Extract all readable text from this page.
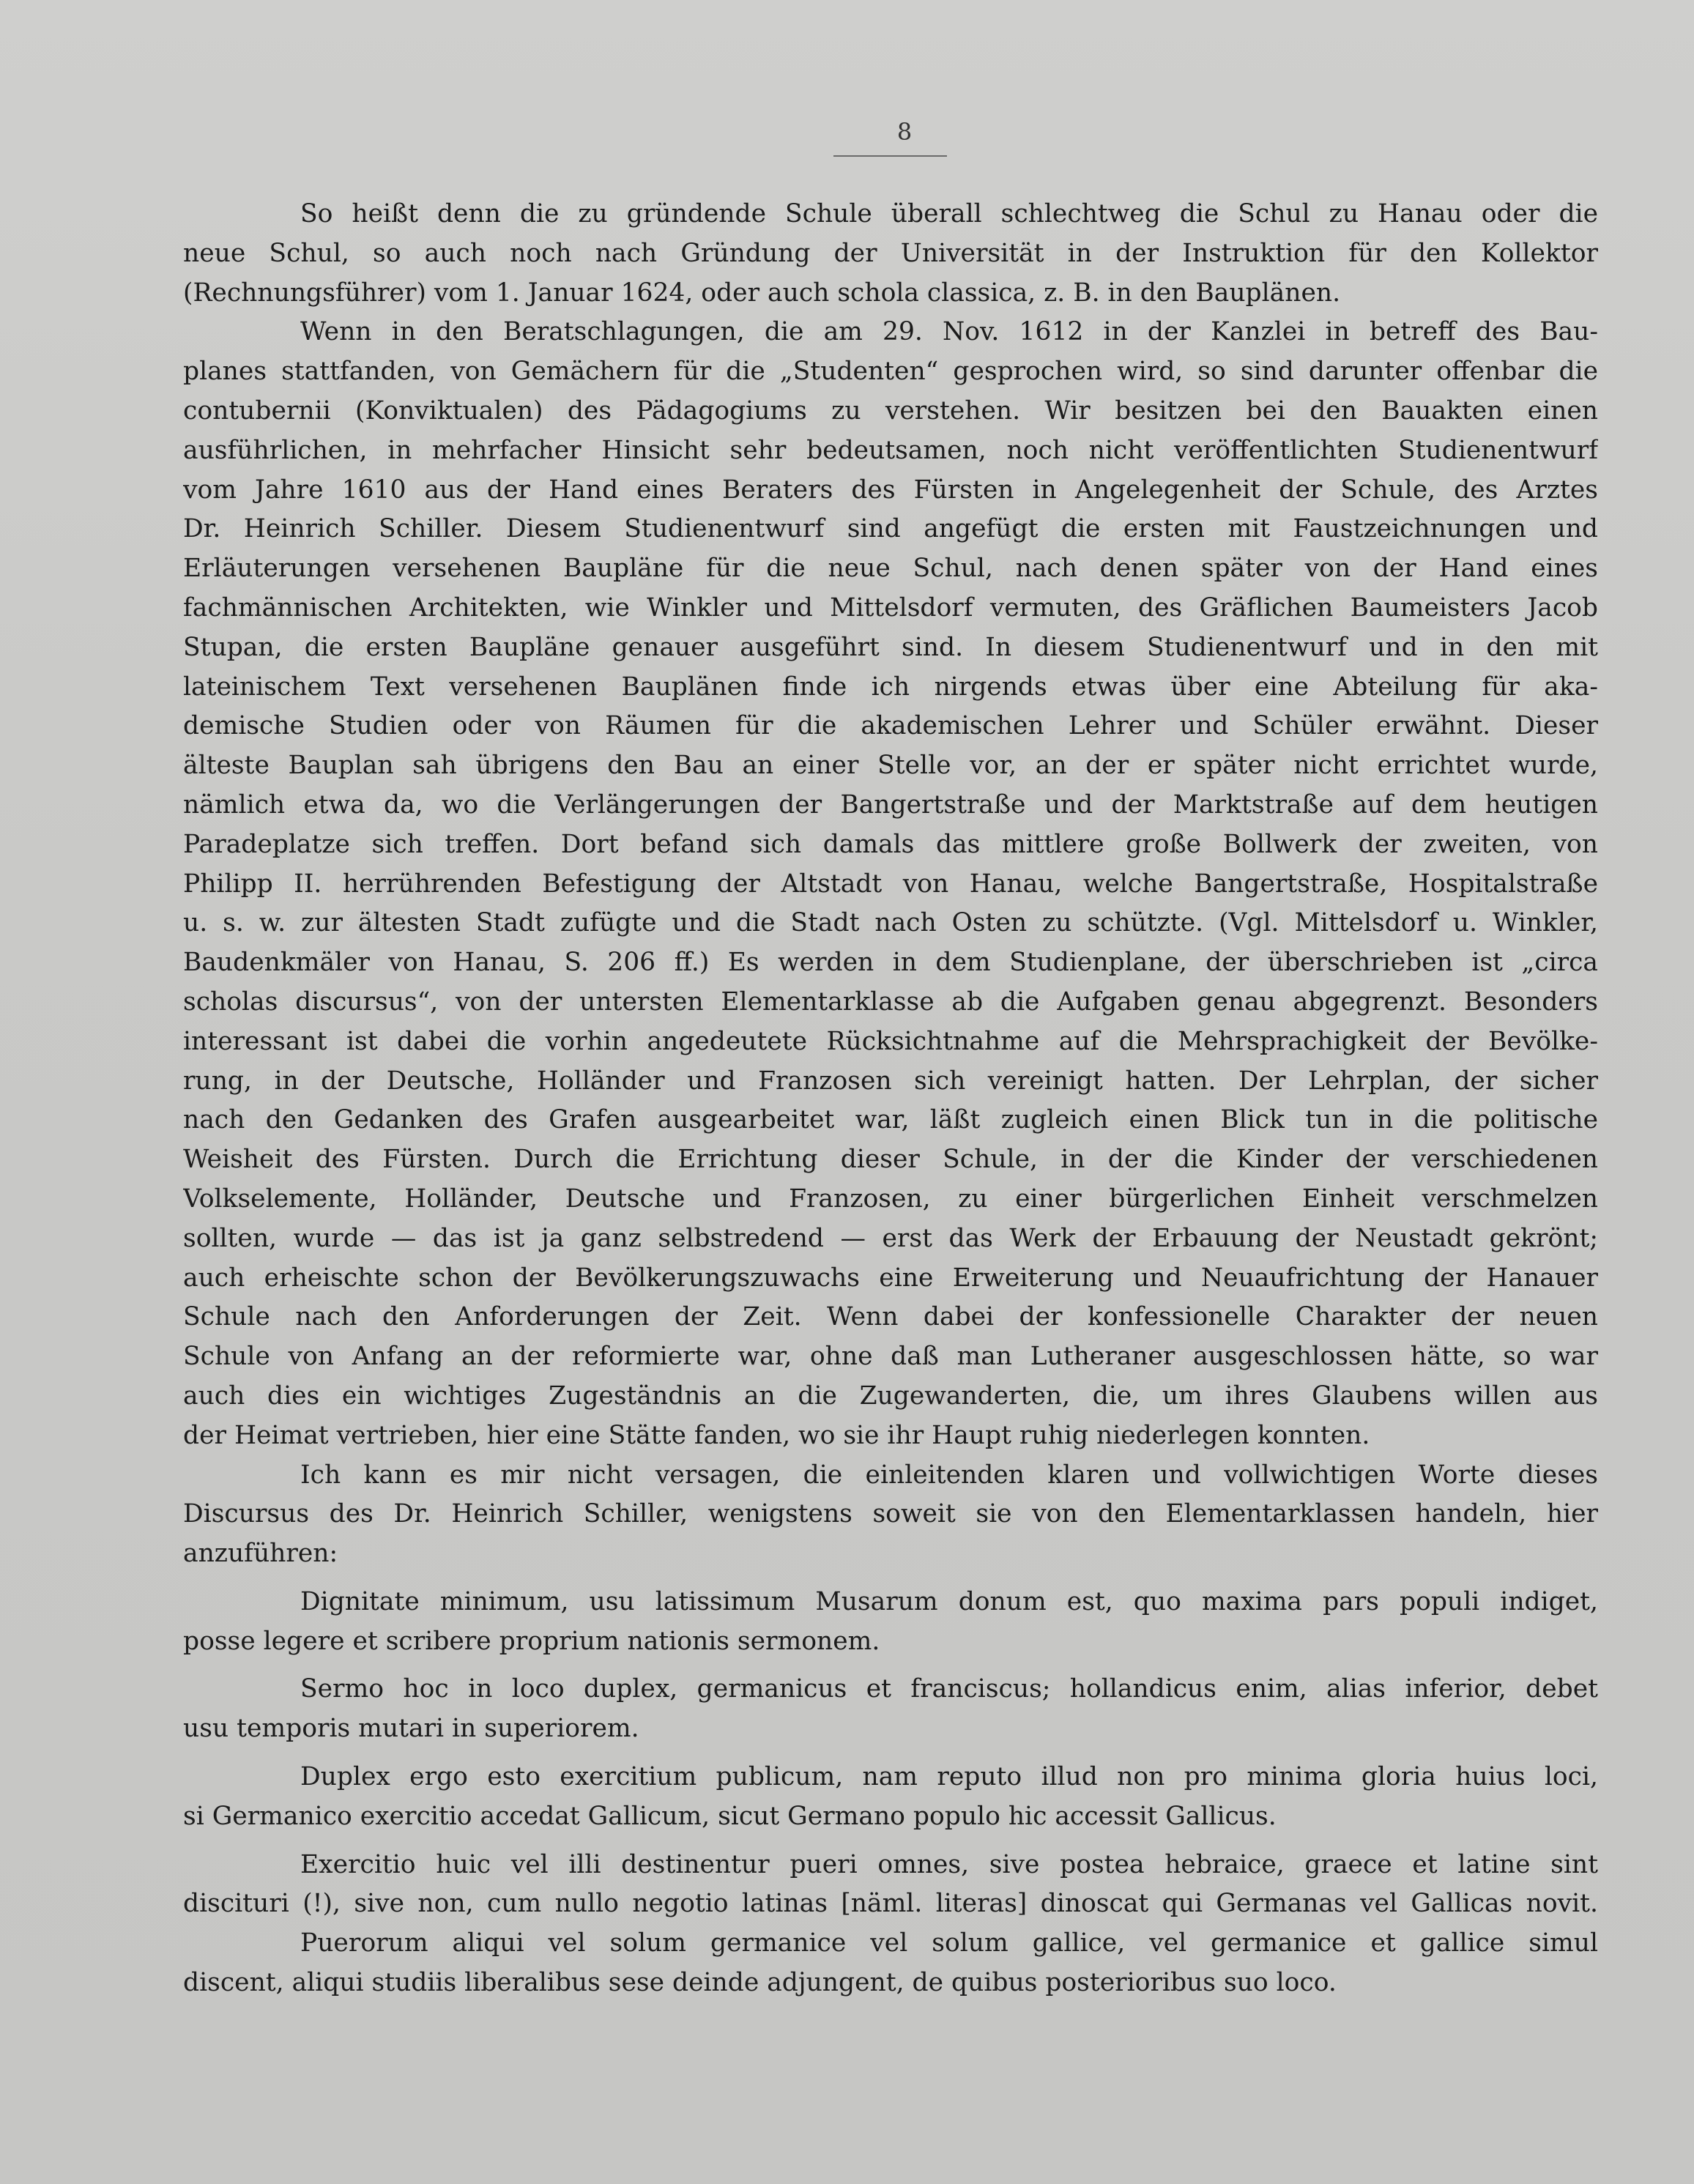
8
So heißt denn die zu gründende Schule überall schlechtweg die Schul zu Hanau oder die
neue Schul, so auch noch nach Gründung der Universität in der Instruktion für den Kollektor
(Rechnungsführer) vom 1. Januar 1624, oder auch schola classica, z. B. in den Bauplänen.
Wenn in den Beratschlagungen, die am 29. Nov. 1612 in der Kanzlei in betreff des Bau-
planes stattfanden, von Gemächern für die „Studenten“ gesprochen wird, so sind darunter offenbar die
contubernii (Konviktualen) des Pädagogiums zu verstehen. Wir besitzen bei den Bauakten einen
ausführlichen, in mehrfacher Hinsicht sehr bedeutsamen, noch nicht veröffentlichten Studienentwurf
vom Jahre 1610 aus der Hand eines Beraters des Fürsten in Angelegenheit der Schule, des Arztes
Dr. Heinrich Schiller. Diesem Studienentwurf sind angefügt die ersten mit Faustzeichnungen und
Erläuterungen versehenen Baupläne für die neue Schul, nach denen später von der Hand eines
fachmännischen Architekten, wie Winkler und Mittelsdorf vermuten, des Gräflichen Baumeisters Jacob
Stupan, die ersten Baupläne genauer ausgeführt sind. In diesem Studienentwurf und in den mit
lateinischem Text versehenen Bauplänen finde ich nirgends etwas über eine Abteilung für aka-
demische Studien oder von Räumen für die akademischen Lehrer und Schüler erwähnt. Dieser
älteste Bauplan sah übrigens den Bau an einer Stelle vor, an der er später nicht errichtet wurde,
nämlich etwa da, wo die Verlängerungen der Bangertstraße und der Marktstraße auf dem heutigen
Paradeplatze sich treffen. Dort befand sich damals das mittlere große Bollwerk der zweiten, von
Philipp II. herrührenden Befestigung der Altstadt von Hanau, welche Bangertstraße, Hospitalstraße
u. s. w. zur ältesten Stadt zufügte und die Stadt nach Osten zu schützte. (Vgl. Mittelsdorf u. Winkler,
Baudenkmäler von Hanau, S. 206 ff.) Es werden in dem Studienplane, der überschrieben ist „circa
scholas discursus“, von der untersten Elementarklasse ab die Aufgaben genau abgegrenzt. Besonders
interessant ist dabei die vorhin angedeutete Rücksichtnahme auf die Mehrsprachigkeit der Bevölke-
rung, in der Deutsche, Holländer und Franzosen sich vereinigt hatten. Der Lehrplan, der sicher
nach den Gedanken des Grafen ausgearbeitet war, läßt zugleich einen Blick tun in die politische
Weisheit des Fürsten. Durch die Errichtung dieser Schule, in der die Kinder der verschiedenen
Volkselemente, Holländer, Deutsche und Franzosen, zu einer bürgerlichen Einheit verschmelzen
sollten, wurde — das ist ja ganz selbstredend — erst das Werk der Erbauung der Neustadt gekrönt;
auch erheischte schon der Bevölkerungszuwachs eine Erweiterung und Neuaufrichtung der Hanauer
Schule nach den Anforderungen der Zeit. Wenn dabei der konfessionelle Charakter der neuen
Schule von Anfang an der reformierte war, ohne daß man Lutheraner ausgeschlossen hätte, so war
auch dies ein wichtiges Zugeständnis an die Zugewanderten, die, um ihres Glaubens willen aus
der Heimat vertrieben, hier eine Stätte fanden, wo sie ihr Haupt ruhig niederlegen konnten.
Ich kann es mir nicht versagen, die einleitenden klaren und vollwichtigen Worte dieses
Discursus des Dr. Heinrich Schiller, wenigstens soweit sie von den Elementarklassen handeln, hier
anzuführen:
Dignitate minimum, usu latissimum Musarum donum est, quo maxima pars populi indiget,
posse legere et scribere proprium nationis sermonem.
Sermo hoc in loco duplex, germanicus et franciscus; hollandicus enim, alias inferior, debet
usu temporis mutari in superiorem.
Duplex ergo esto exercitium publicum, nam reputo illud non pro minima gloria huius loci,
si Germanico exercitio accedat Gallicum, sicut Germano populo hic accessit Gallicus.
Exercitio huic vel illi destinentur pueri omnes, sive postea hebraice, graece et latine sint
disciturі (!), sive non, cum nullo negotio latinas [näml. literas] dinoscat qui Germanas vel Gallicas novit.
Puerorum aliqui vel solum germanice vel solum gallice, vel germanice et gallice simul
discent, aliqui studiis liberalibus sese deinde adjungent, de quibus posterioribus suo loco.
